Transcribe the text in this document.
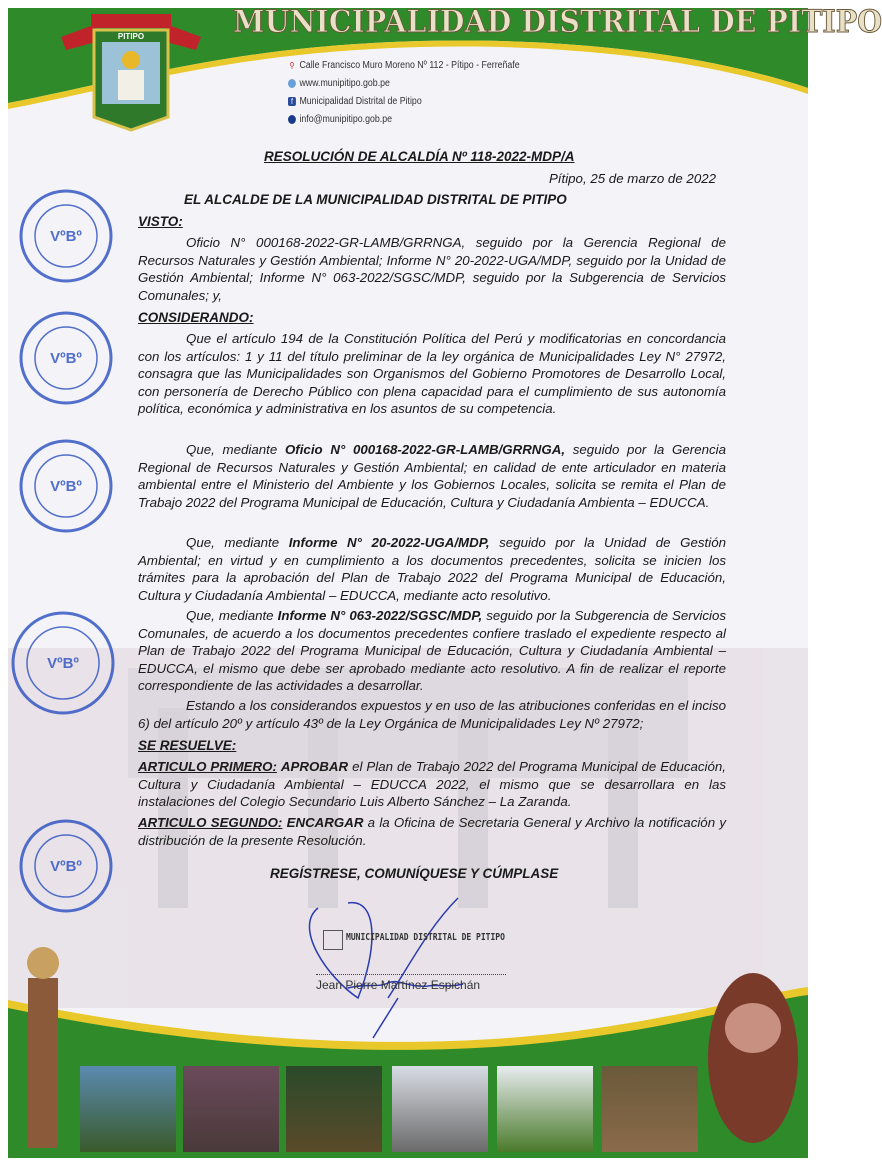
MUNICIPALIDAD DISTRITAL DE PITIPO
PITIPO
⚲ Calle Francisco Muro Moreno Nº 112 - Pítipo - Ferreñafe
www.munipitipo.gob.pe
f Municipalidad Distrital de Pitipo
info@munipitipo.gob.pe
VºBº
VºBº
VºBº
VºBº
VºBº
RESOLUCIÓN DE ALCALDÍA Nº 118-2022-MDP/A
Pítipo, 25 de marzo de 2022
EL ALCALDE DE LA MUNICIPALIDAD DISTRITAL DE PITIPO
VISTO:
Oficio N° 000168-2022-GR-LAMB/GRRNGA, seguido por la Gerencia Regional de Recursos Naturales y Gestión Ambiental; Informe N° 20-2022-UGA/MDP, seguido por la Unidad de Gestión Ambiental; Informe N° 063-2022/SGSC/MDP, seguido por la Subgerencia de Servicios Comunales; y,
CONSIDERANDO:
Que el artículo 194 de la Constitución Política del Perú y modificatorias en concordancia con los artículos: 1 y 11 del título preliminar de la ley orgánica de Municipalidades Ley N° 27972, consagra que las Municipalidades son Organismos del Gobierno Promotores de Desarrollo Local, con personería de Derecho Público con plena capacidad para el cumplimiento de sus autonomía política, económica y administrativa en los asuntos de su competencia.
Que, mediante Oficio N° 000168-2022-GR-LAMB/GRRNGA, seguido por la Gerencia Regional de Recursos Naturales y Gestión Ambiental; en calidad de ente articulador en materia ambiental entre el Ministerio del Ambiente y los Gobiernos Locales, solicita se remita el Plan de Trabajo 2022 del Programa Municipal de Educación, Cultura y Ciudadanía Ambienta – EDUCCA.
Que, mediante Informe N° 20-2022-UGA/MDP, seguido por la Unidad de Gestión Ambiental; en virtud y en cumplimiento a los documentos precedentes, solicita se inicien los trámites para la aprobación del Plan de Trabajo 2022 del Programa Municipal de Educación, Cultura y Ciudadanía Ambiental – EDUCCA, mediante acto resolutivo.
Que, mediante Informe N° 063-2022/SGSC/MDP, seguido por la Subgerencia de Servicios Comunales, de acuerdo a los documentos precedentes confiere traslado el expediente respecto al Plan de Trabajo 2022 del Programa Municipal de Educación, Cultura y Ciudadanía Ambiental – EDUCCA, el mismo que debe ser aprobado mediante acto resolutivo. A fin de realizar el reporte correspondiente de las actividades a desarrollar.
Estando a los considerandos expuestos y en uso de las atribuciones conferidas en el inciso 6) del artículo 20º y artículo 43º de la Ley Orgánica de Municipalidades Ley Nº 27972;
SE RESUELVE:
ARTICULO PRIMERO: APROBAR el Plan de Trabajo 2022 del Programa Municipal de Educación, Cultura y Ciudadanía Ambiental – EDUCCA 2022, el mismo que se desarrollara en las instalaciones del Colegio Secundario Luis Alberto Sánchez – La Zaranda.
ARTICULO SEGUNDO: ENCARGAR a la Oficina de Secretaria General y Archivo la notificación y distribución de la presente Resolución.
REGÍSTRESE, COMUNÍQUESE Y CÚMPLASE
MUNICIPALIDAD DISTRITAL DE PITIPO
Jean Pierre Martínez Espichán
